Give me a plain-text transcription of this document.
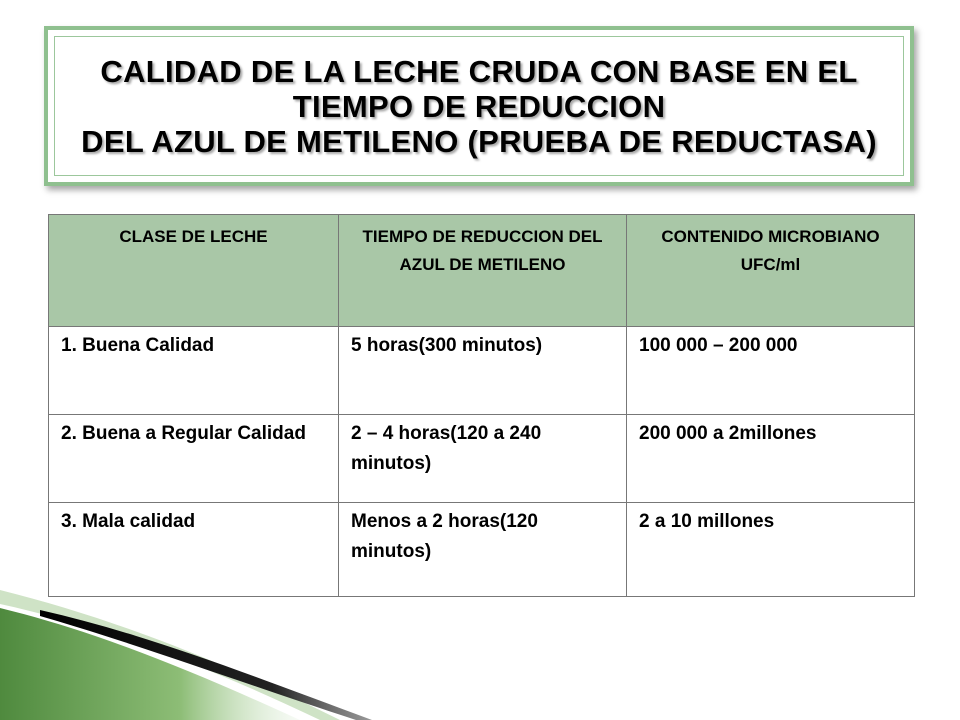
CALIDAD DE LA LECHE CRUDA CON BASE EN EL
TIEMPO DE REDUCCION
DEL AZUL DE METILENO (PRUEBA DE REDUCTASA)
CLASE DE LECHE	TIEMPO DE REDUCCION DEL AZUL DE METILENO	CONTENIDO MICROBIANO UFC/ml
1. Buena Calidad	5 horas(300 minutos)	100 000 – 200 000
2. Buena a Regular Calidad	2 – 4 horas(120 a 240 minutos)	200 000 a 2millones
3. Mala calidad	Menos a 2 horas(120 minutos)	2 a 10 millones
